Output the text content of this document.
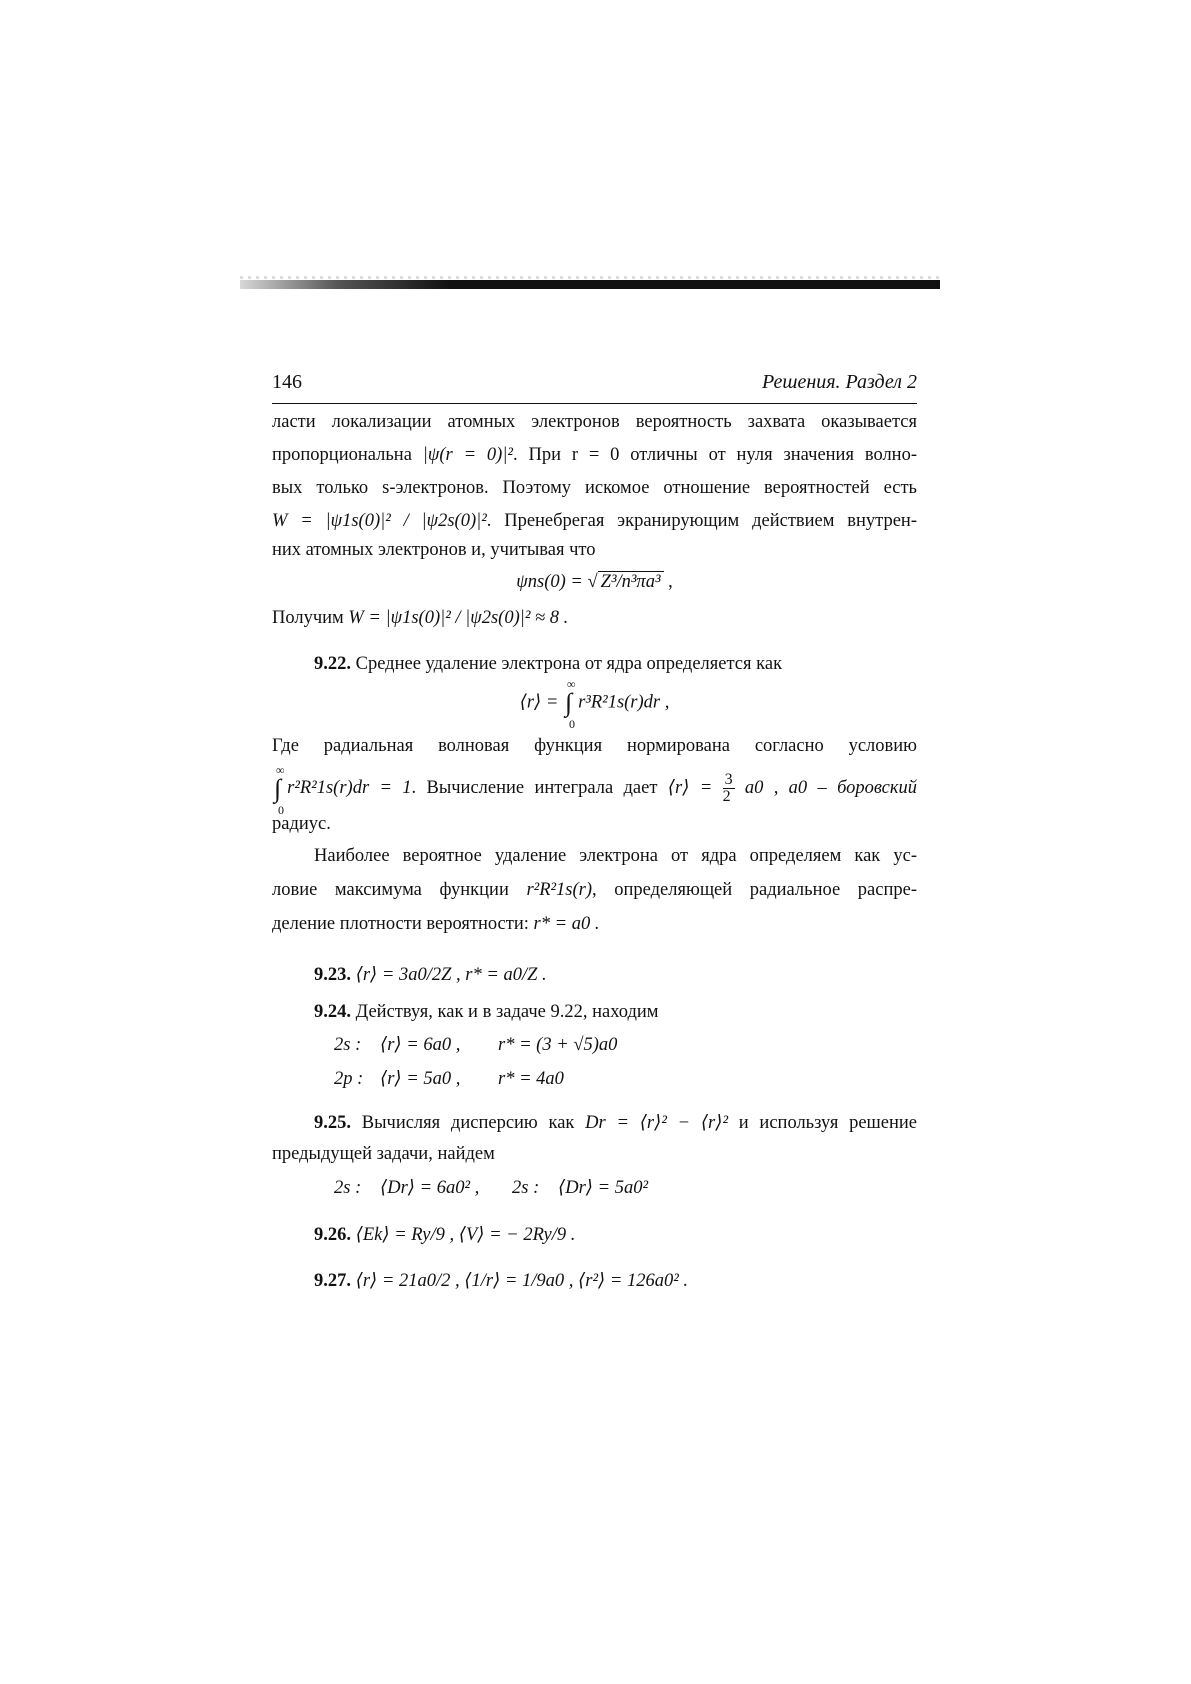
146	Решения. Раздел 2
ласти локализации атомных электронов вероятность захвата оказывается
пропорциональна |ψ(r = 0)|². При r = 0 отличны от нуля значения волно-
вых только s-электронов. Поэтому искомое отношение вероятностей есть
W = |ψ1s(0)|² / |ψ2s(0)|². Пренебрегая экранирующим действием внутрен-
них атомных электронов и, учитывая что
ψns(0) = √ Z³/n³πa³ ,
Получим W = |ψ1s(0)|² / |ψ2s(0)|² ≈ 8 .
9.22. Среднее удаление электрона от ядра определяется как
⟨r⟩ = ∫
∞
0
r³R²1s(r)dr ,
Где радиальная волновая функция нормирована согласно условию
∫
∞
0
r²R²1s(r)dr = 1. Вычисление интеграла дает ⟨r⟩ = $\frac{3}{2} a0$ , a0 – боровский
радиус.
Наиболее вероятное удаление электрона от ядра определяем как ус-
ловие максимума функции r²R²1s(r), определяющей радиальное распре-
деление плотности вероятности: r* = a0 .
9.23. ⟨r⟩ = 3a0/2Z , r* = a0/Z .
9.24. Действуя, как и в задаче 9.22, находим
2s : ⟨r⟩ = 6a0 , r* = (3 + √5)a0
2p : ⟨r⟩ = 5a0 , r* = 4a0
9.25. Вычисляя дисперсию как Dr = ⟨r⟩² − ⟨r⟩² и используя решение
предыдущей задачи, найдем
2s : ⟨Dr⟩ = 6a0² , 2s : ⟨Dr⟩ = 5a0²
9.26. ⟨Ek⟩ = Ry/9 , ⟨V⟩ = − 2Ry/9 .
9.27. ⟨r⟩ = 21a0/2 , ⟨1/r⟩ = 1/9a0 , ⟨r²⟩ = 126a0² .
